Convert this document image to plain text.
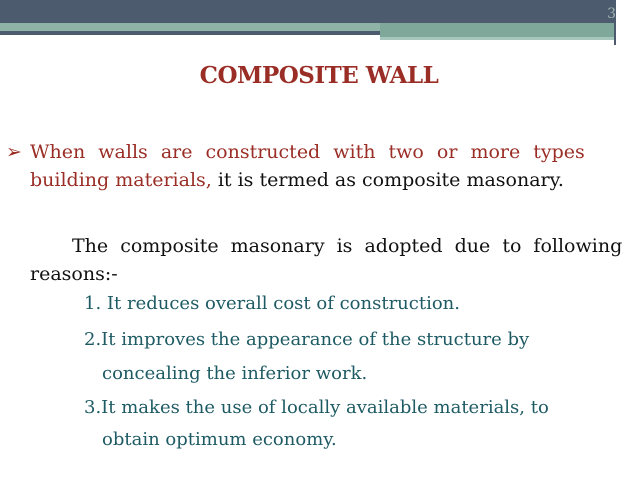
3
COMPOSITE WALL
➢ When walls are constructed with two or more types
building materials, it is termed as composite masonary.
The composite masonary is adopted due to following
reasons:-
1. It reduces overall cost of construction.
2.It improves the appearance of the structure by
concealing the inferior work.
3.It makes the use of locally available materials, to
obtain optimum economy.
